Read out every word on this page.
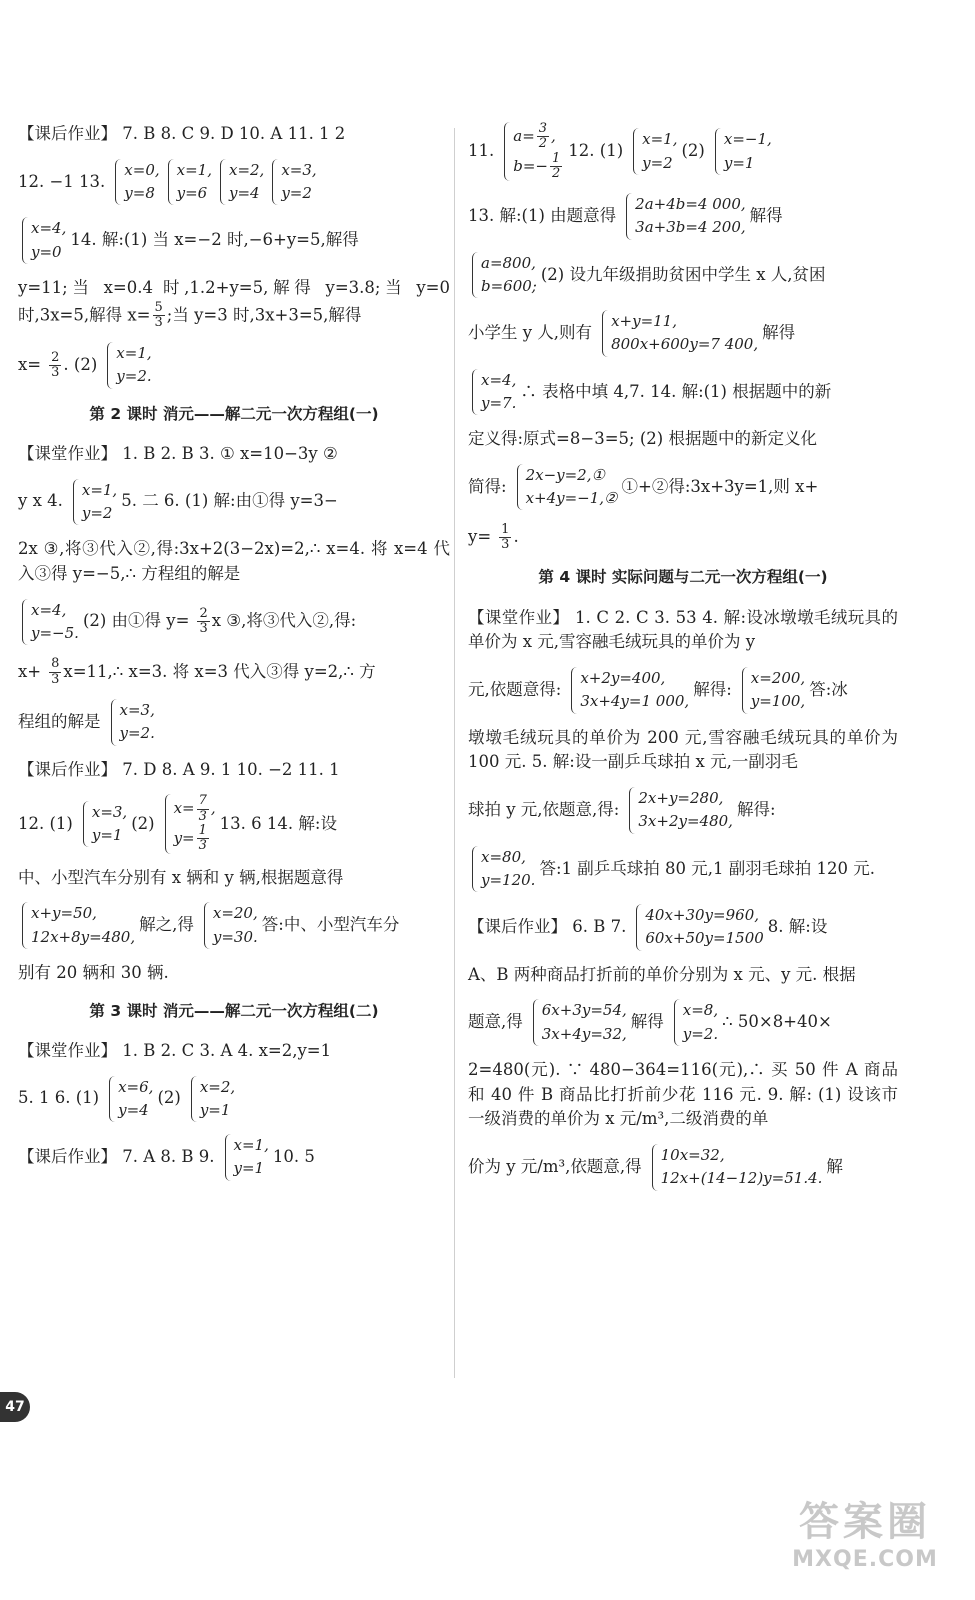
【课后作业】 7. B 8. C 9. D 10. A 11. 1 2
12. −1 13.
x=0,
y=8
x=1,
y=6
x=2,
y=4
x=3,
y=2
x=4,
y=0
14. 解:(1) 当 x=−2 时,−6+y=5,解得
y=11;当 x=0.4 时,1.2+y=5,解得 y=3.8;当 y=0 时,3x=5,解得 $x= \frac{5}{3}$ ;当 y=3 时,3x+3=5,解得
$x= \frac{2}{3}$ . (2)
x=1,
y=2.
第 2 课时 消元——解二元一次方程组(一)
【课堂作业】 1. B 2. B 3. ① x=10−3y ②
y x 4.
x=1,
y=2
5. 二 6. (1) 解:由①得 y=3−
2x ③,将③代入②,得:3x+2(3−2x)=2,∴ x=4. 将 x=4 代入③得 y=−5,∴ 方程组的解是
x=4,
y=−5.
(2) 由①得 $y= \frac{2}{3}$ x ③,将③代入②,得:
$x+ \frac{8}{3}$ x=11,∴ x=3. 将 x=3 代入③得 y=2,∴ 方
程组的解是
x=3,
y=2.
【课后作业】 7. D 8. A 9. 1 10. −2 11. 1
12. (1)
x=3,
y=1
(2)
$x= \frac{7}{3}$ ,
$y= \frac{1}{3}$
13. 6 14. 解:设
中、小型汽车分别有 x 辆和 y 辆,根据题意得
x+y=50,
12x+8y=480,
解之,得
x=20,
y=30.
答:中、小型汽车分
别有 20 辆和 30 辆.
第 3 课时 消元——解二元一次方程组(二)
【课堂作业】 1. B 2. C 3. A 4. x=2,y=1
5. 1 6. (1)
x=6,
y=4
(2)
x=2,
y=1
【课后作业】 7. A 8. B 9.
x=1,
y=1
10. 5
11.
$a= \frac{3}{2}$ ,
$b=- \frac{1}{2}$
12. (1)
x=1,
y=2
(2)
x=−1,
y=1
13. 解:(1) 由题意得
2a+4b=4 000,
3a+3b=4 200,
解得
a=800,
b=600;
(2) 设九年级捐助贫困中学生 x 人,贫困
小学生 y 人,则有
x+y=11,
800x+600y=7 400,
解得
x=4,
y=7.
∴ 表格中填 4,7. 14. 解:(1) 根据题中的新
定义得:原式=8−3=5; (2) 根据题中的新定义化
简得:
2x−y=2,①
x+4y=−1,②
①+②得:3x+3y=1,则 x+
$y= \frac{1}{3}$ .
第 4 课时 实际问题与二元一次方程组(一)
【课堂作业】 1. C 2. C 3. 53 4. 解:设冰墩墩毛绒玩具的单价为 x 元,雪容融毛绒玩具的单价为 y
元,依题意得:
x+2y=400,
3x+4y=1 000,
解得:
x=200,
y=100,
答:冰
墩墩毛绒玩具的单价为 200 元,雪容融毛绒玩具的单价为 100 元. 5. 解:设一副乒乓球拍 x 元,一副羽毛
球拍 y 元,依题意,得:
2x+y=280,
3x+2y=480,
解得:
x=80,
y=120.
答:1 副乒乓球拍 80 元,1 副羽毛球拍 120 元.
【课后作业】 6. B 7.
40x+30y=960,
60x+50y=1500
8. 解:设
A、B 两种商品打折前的单价分别为 x 元、y 元. 根据
题意,得
6x+3y=54,
3x+4y=32,
解得
x=8,
y=2.
∴ 50×8+40×
2=480(元). ∵ 480−364=116(元),∴ 买 50 件 A 商品和 40 件 B 商品比打折前少花 116 元. 9. 解: (1) 设该市一级消费的单价为 x 元/m³,二级消费的单
价为 y 元/m³,依题意,得
10x=32,
12x+(14−12)y=51.4.
解
47
答案圈
MXQE.COM
